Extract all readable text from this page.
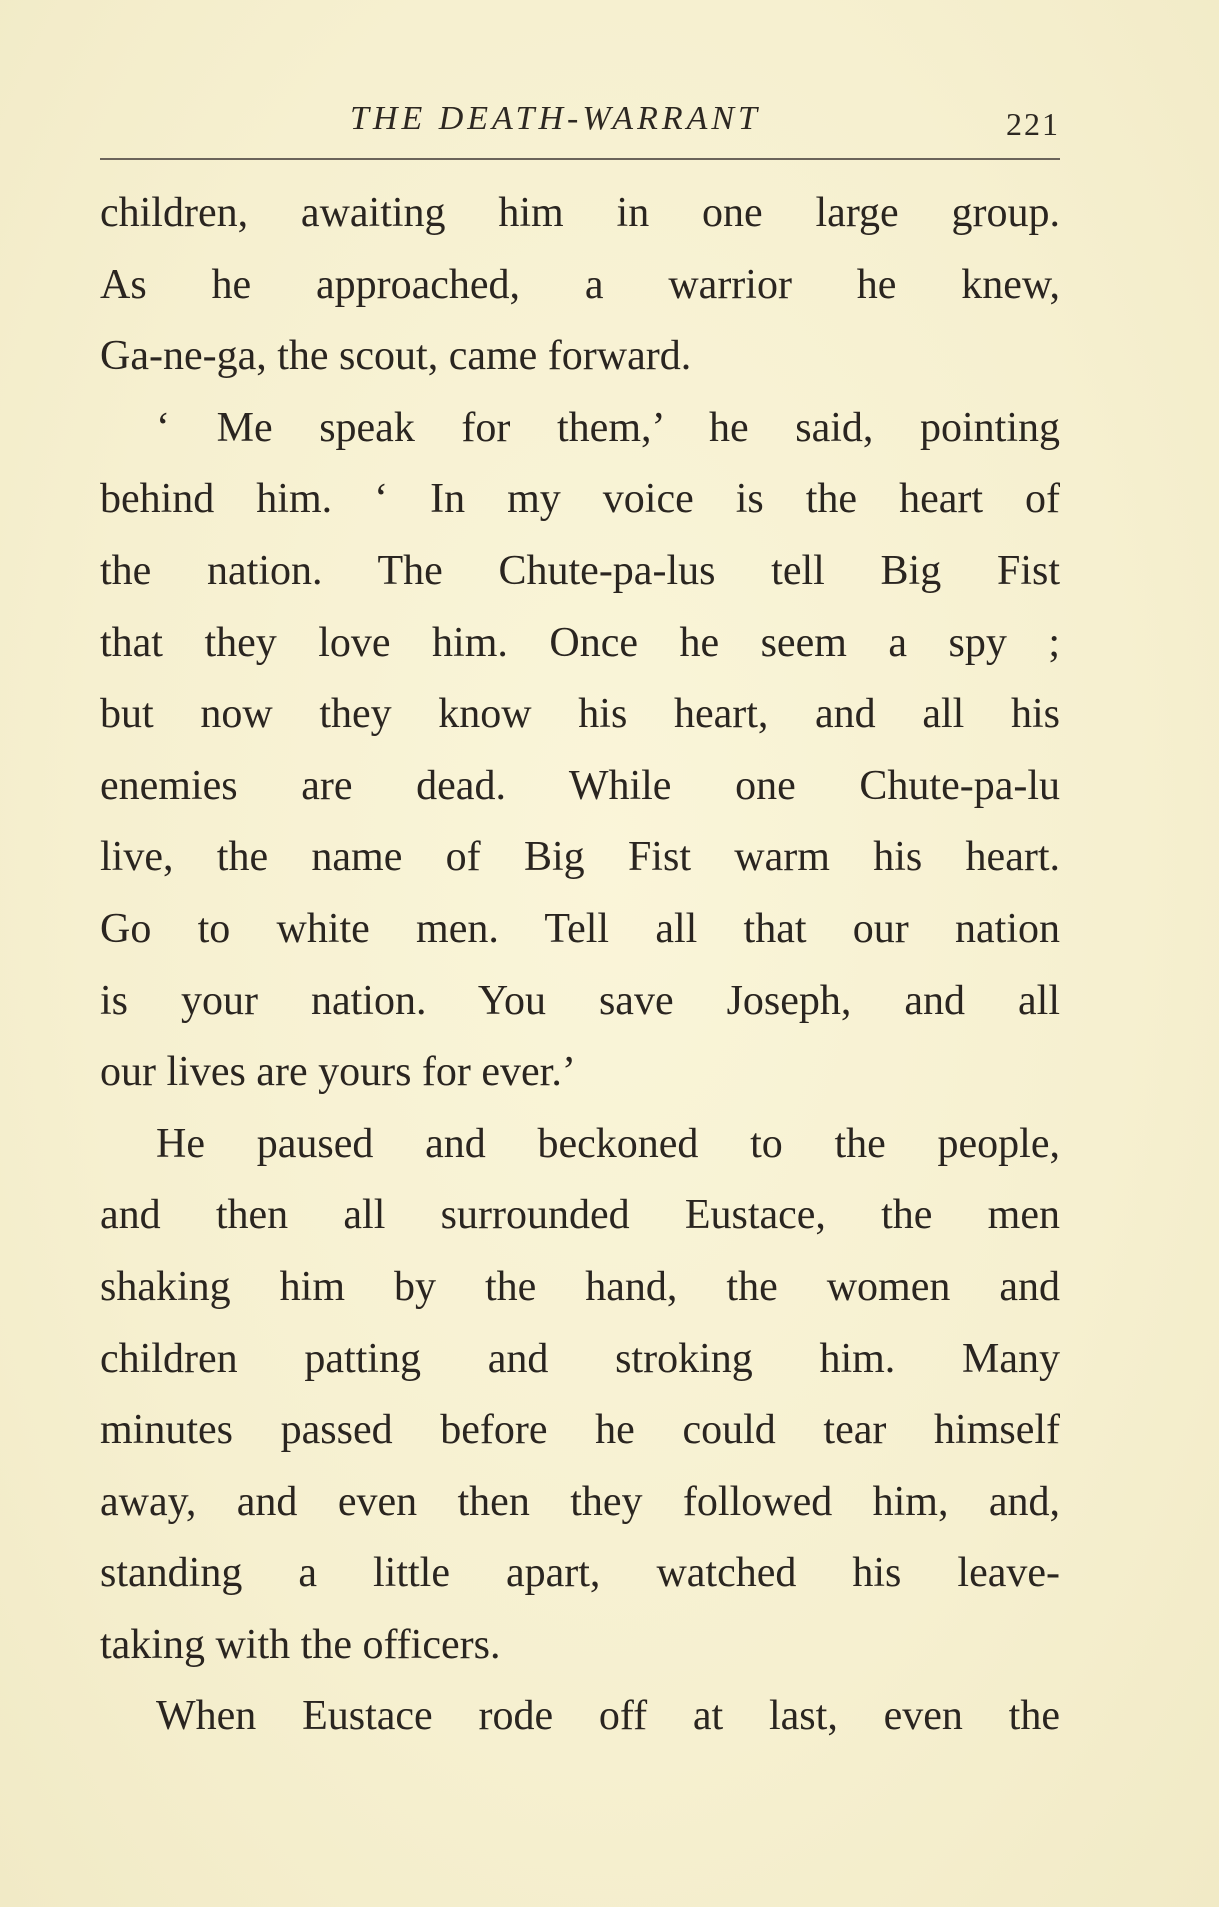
THE DEATH-WARRANT	221
children, awaiting him in one large group.
As he approached, a warrior he knew,
Ga-ne-ga, the scout, came forward.
‘ Me speak for them,’ he said, pointing
behind him. ‘ In my voice is the heart of
the nation. The Chute-pa-lus tell Big Fist
that they love him. Once he seem a spy ;
but now they know his heart, and all his
enemies are dead. While one Chute-pa-lu
live, the name of Big Fist warm his heart.
Go to white men. Tell all that our nation
is your nation. You save Joseph, and all
our lives are yours for ever.’
He paused and beckoned to the people,
and then all surrounded Eustace, the men
shaking him by the hand, the women and
children patting and stroking him. Many
minutes passed before he could tear himself
away, and even then they followed him, and,
standing a little apart, watched his leave-
taking with the officers.
When Eustace rode off at last, even the
